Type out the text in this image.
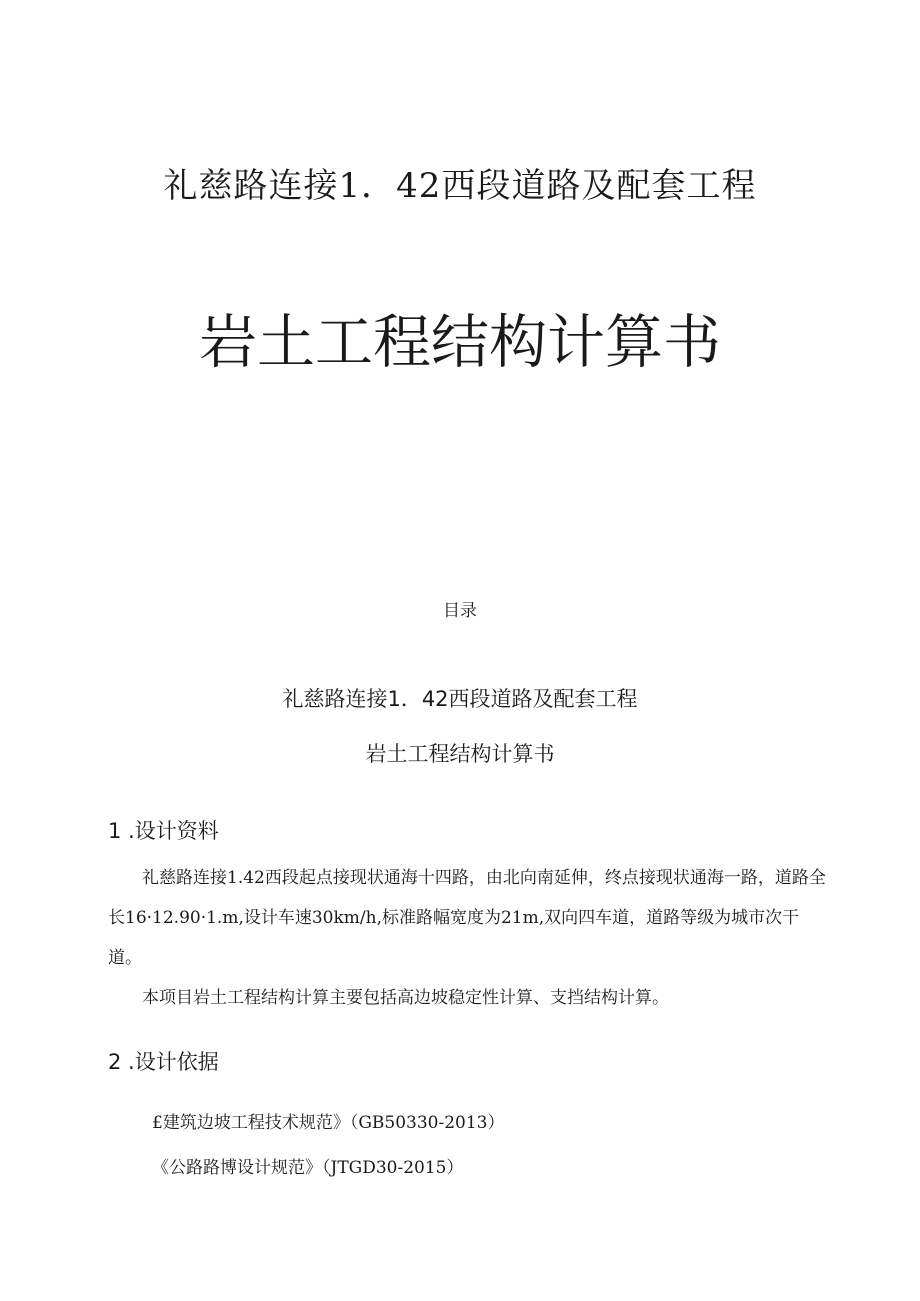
礼慈路连接1．42西段道路及配套工程
岩土工程结构计算书
目录
礼慈路连接1．42西段道路及配套工程
岩土工程结构计算书
1 .设计资料
礼慈路连接1.42西段起点接现状通海十四路，由北向南延伸，终点接现状通海一路，道路全长16·12.90·1.m,设计车速30km/h,标准路幅宽度为21m,双向四车道，道路等级为城市次干道。
本项目岩土工程结构计算主要包括高边坡稳定性计算、支挡结构计算。
2 .设计依据
£建筑边坡工程技术规范》（GB50330-2013）
《公路路博设计规范》（JTGD30-2015）
